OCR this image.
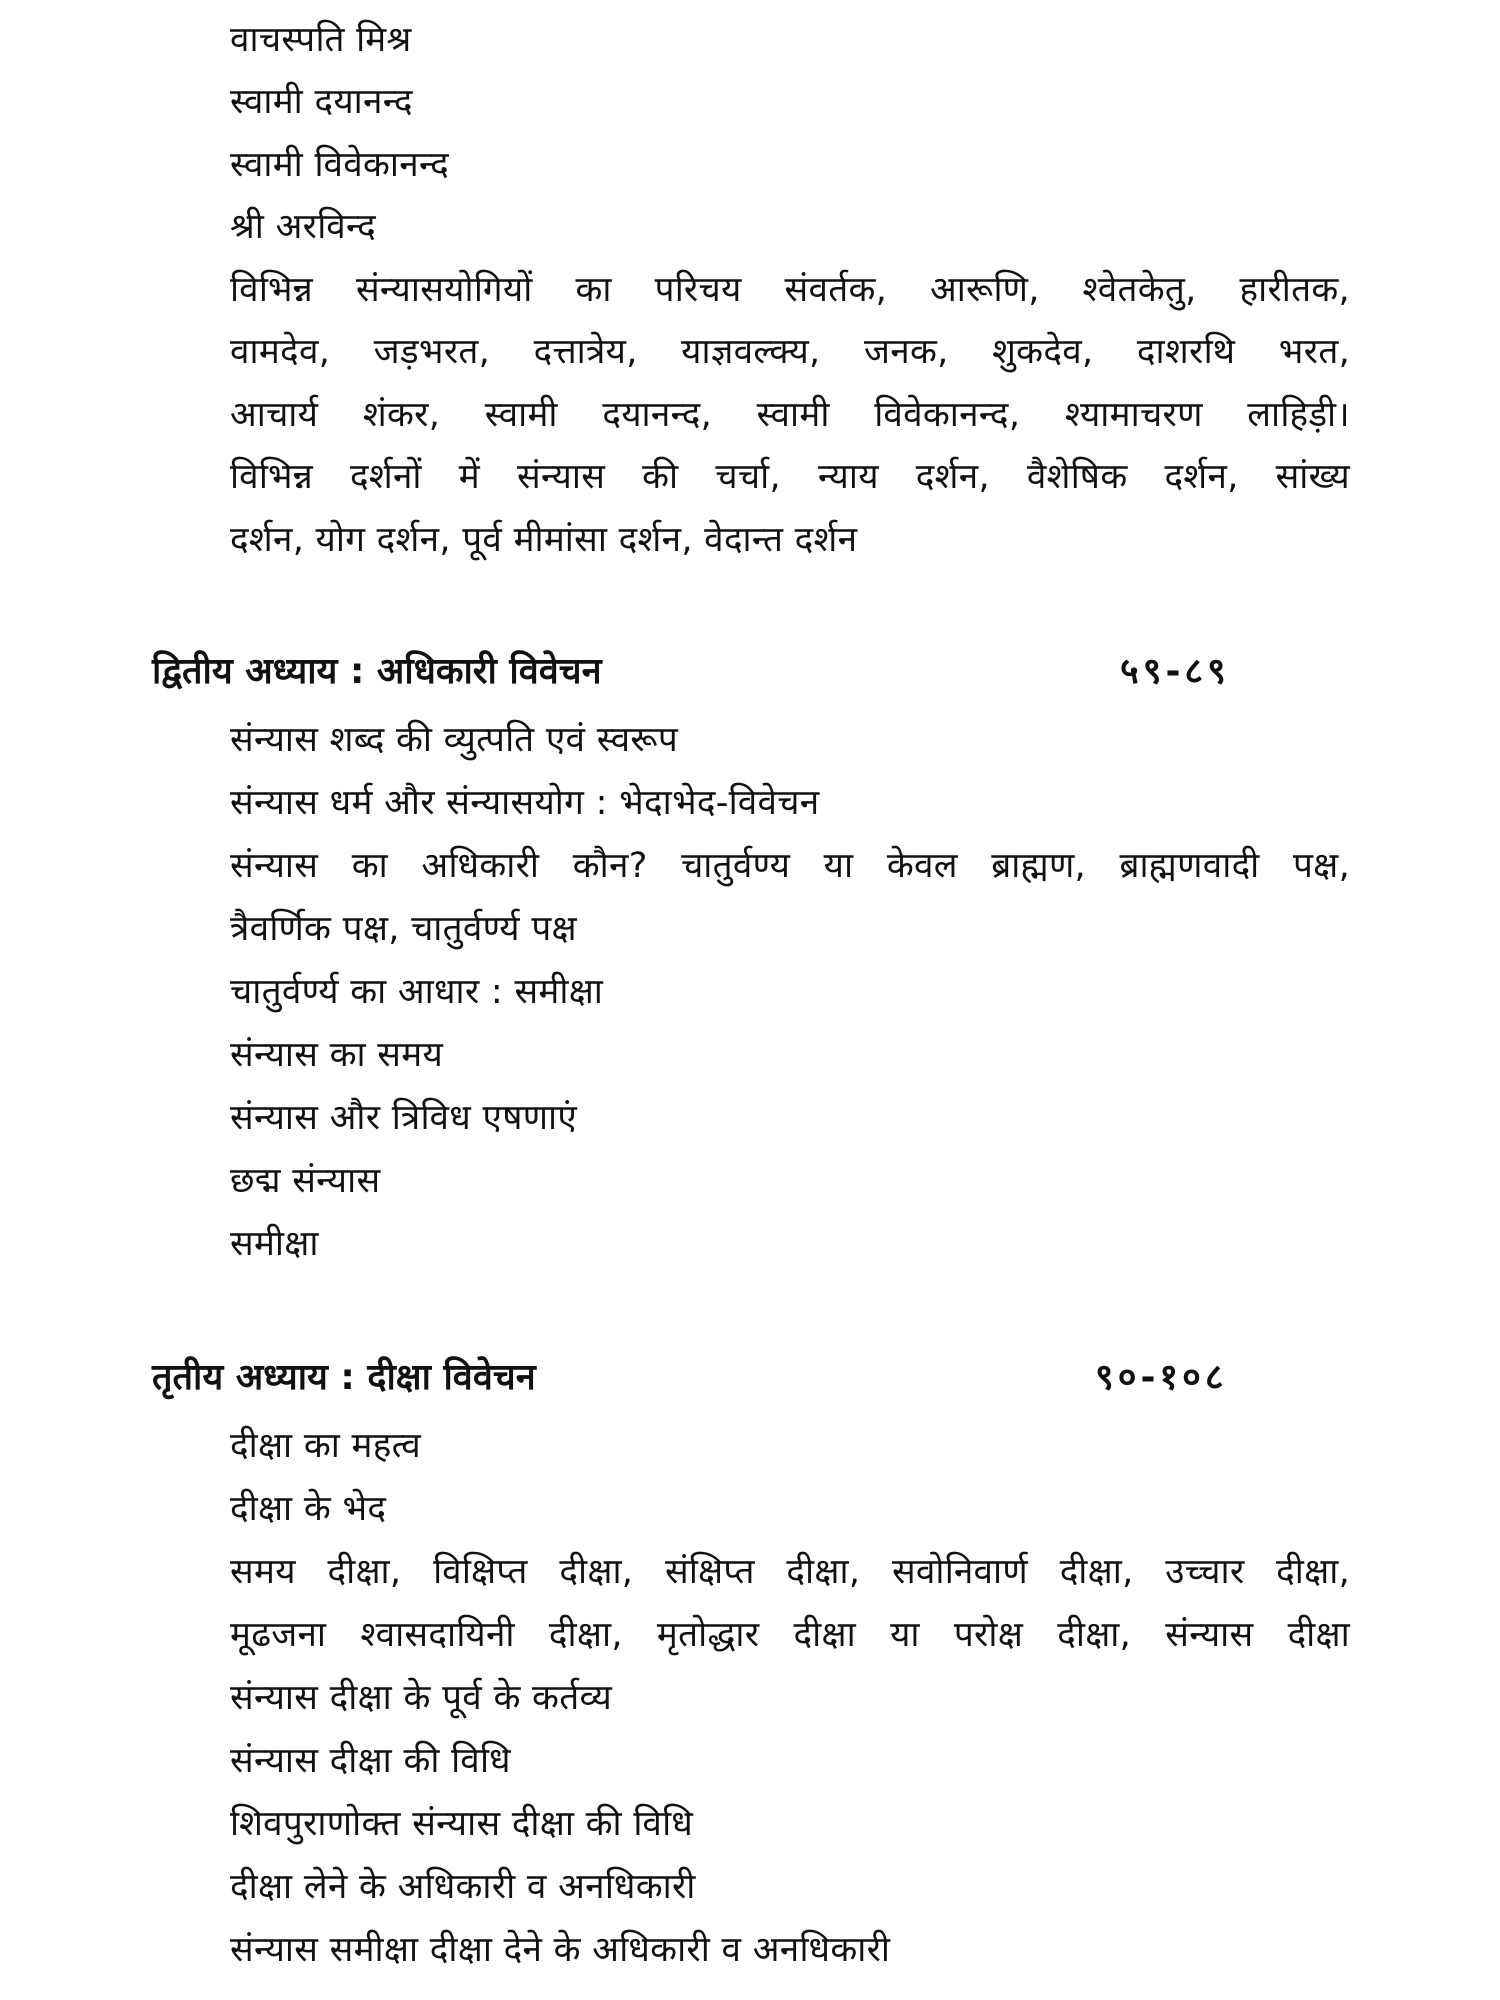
वाचस्पति मिश्र
स्वामी दयानन्द
स्वामी विवेकानन्द
श्री अरविन्द
विभिन्न संन्यासयोगियों का परिचय संवर्तक, आरूणि, श्वेतकेतु, हारीतक,
वामदेव, जड़भरत, दत्तात्रेय, याज्ञवल्क्य, जनक, शुकदेव, दाशरथि भरत,
आचार्य शंकर, स्वामी दयानन्द, स्वामी विवेकानन्द, श्यामाचरण लाहिड़ी।
विभिन्न दर्शनों में संन्यास की चर्चा, न्याय दर्शन, वैशेषिक दर्शन, सांख्य
दर्शन, योग दर्शन, पूर्व मीमांसा दर्शन, वेदान्त दर्शन
द्वितीय अध्याय : अधिकारी विवेचन	५९-८९
संन्यास शब्द की व्युत्पति एवं स्वरूप
संन्यास धर्म और संन्यासयोग : भेदाभेद-विवेचन
संन्यास का अधिकारी कौन? चातुर्वण्य या केवल ब्राह्मण, ब्राह्मणवादी पक्ष,
त्रैवर्णिक पक्ष, चातुर्वर्ण्य पक्ष
चातुर्वर्ण्य का आधार : समीक्षा
संन्यास का समय
संन्यास और त्रिविध एषणाएं
छद्म संन्यास
समीक्षा
तृतीय अध्याय : दीक्षा विवेचन	९०-१०८
दीक्षा का महत्व
दीक्षा के भेद
समय दीक्षा, विक्षिप्त दीक्षा, संक्षिप्त दीक्षा, सवोनिवार्ण दीक्षा, उच्चार दीक्षा,
मूढजना श्वासदायिनी दीक्षा, मृतोद्धार दीक्षा या परोक्ष दीक्षा, संन्यास दीक्षा
संन्यास दीक्षा के पूर्व के कर्तव्य
संन्यास दीक्षा की विधि
शिवपुराणोक्त संन्यास दीक्षा की विधि
दीक्षा लेने के अधिकारी व अनधिकारी
संन्यास समीक्षा दीक्षा देने के अधिकारी व अनधिकारी
